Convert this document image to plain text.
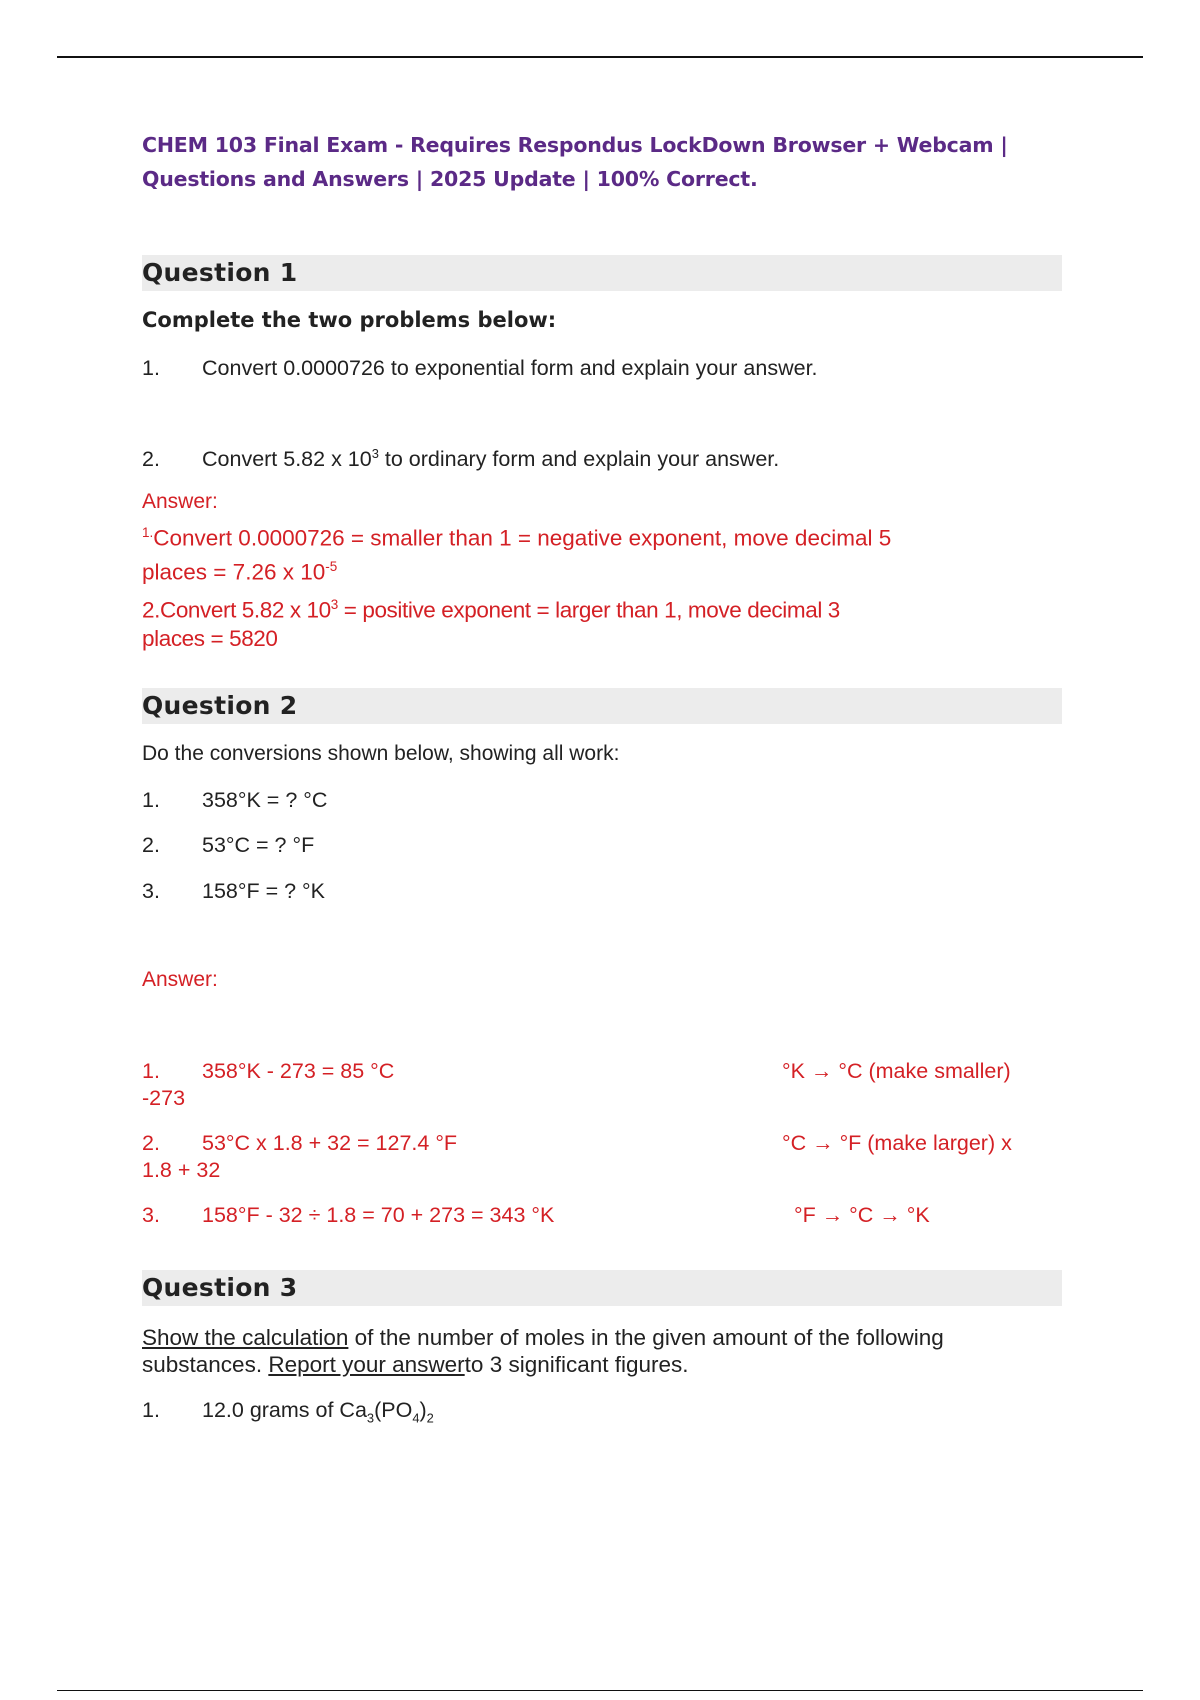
CHEM 103 Final Exam - Requires Respondus LockDown Browser + Webcam |
Questions and Answers | 2025 Update | 100% Correct.
Question 1
Complete the two problems below:
1. Convert 0.0000726 to exponential form and explain your answer.
2. Convert 5.82 x $10^3$ to ordinary form and explain your answer.
Answer:
$^{1.}$Convert 0.0000726 = smaller than 1 = negative exponent, move decimal 5
places = 7.26 x $10^{-5}$
2.Convert 5.82 x $10^3$ = positive exponent = larger than 1, move decimal 3
places = 5820
Question 2
Do the conversions shown below, showing all work:
1. 358°K = ? °C
2. 53°C = ? °F
3. 158°F = ? °K
Answer:
1. 358°K - 273 = 85 °C
-273
°K → °C (make smaller)
2. 53°C x 1.8 + 32 = 127.4 °F
1.8 + 32
°C → °F (make larger) x
3. 158°F - 32 ÷ 1.8 = 70 + 273 = 343 °K	°F → °C → °K
Question 3
Show the calculation of the number of moles in the given amount of the following substances. Report your answerto 3 significant figures.
1. 12.0 grams of $Ca_3(PO_4)_2$
